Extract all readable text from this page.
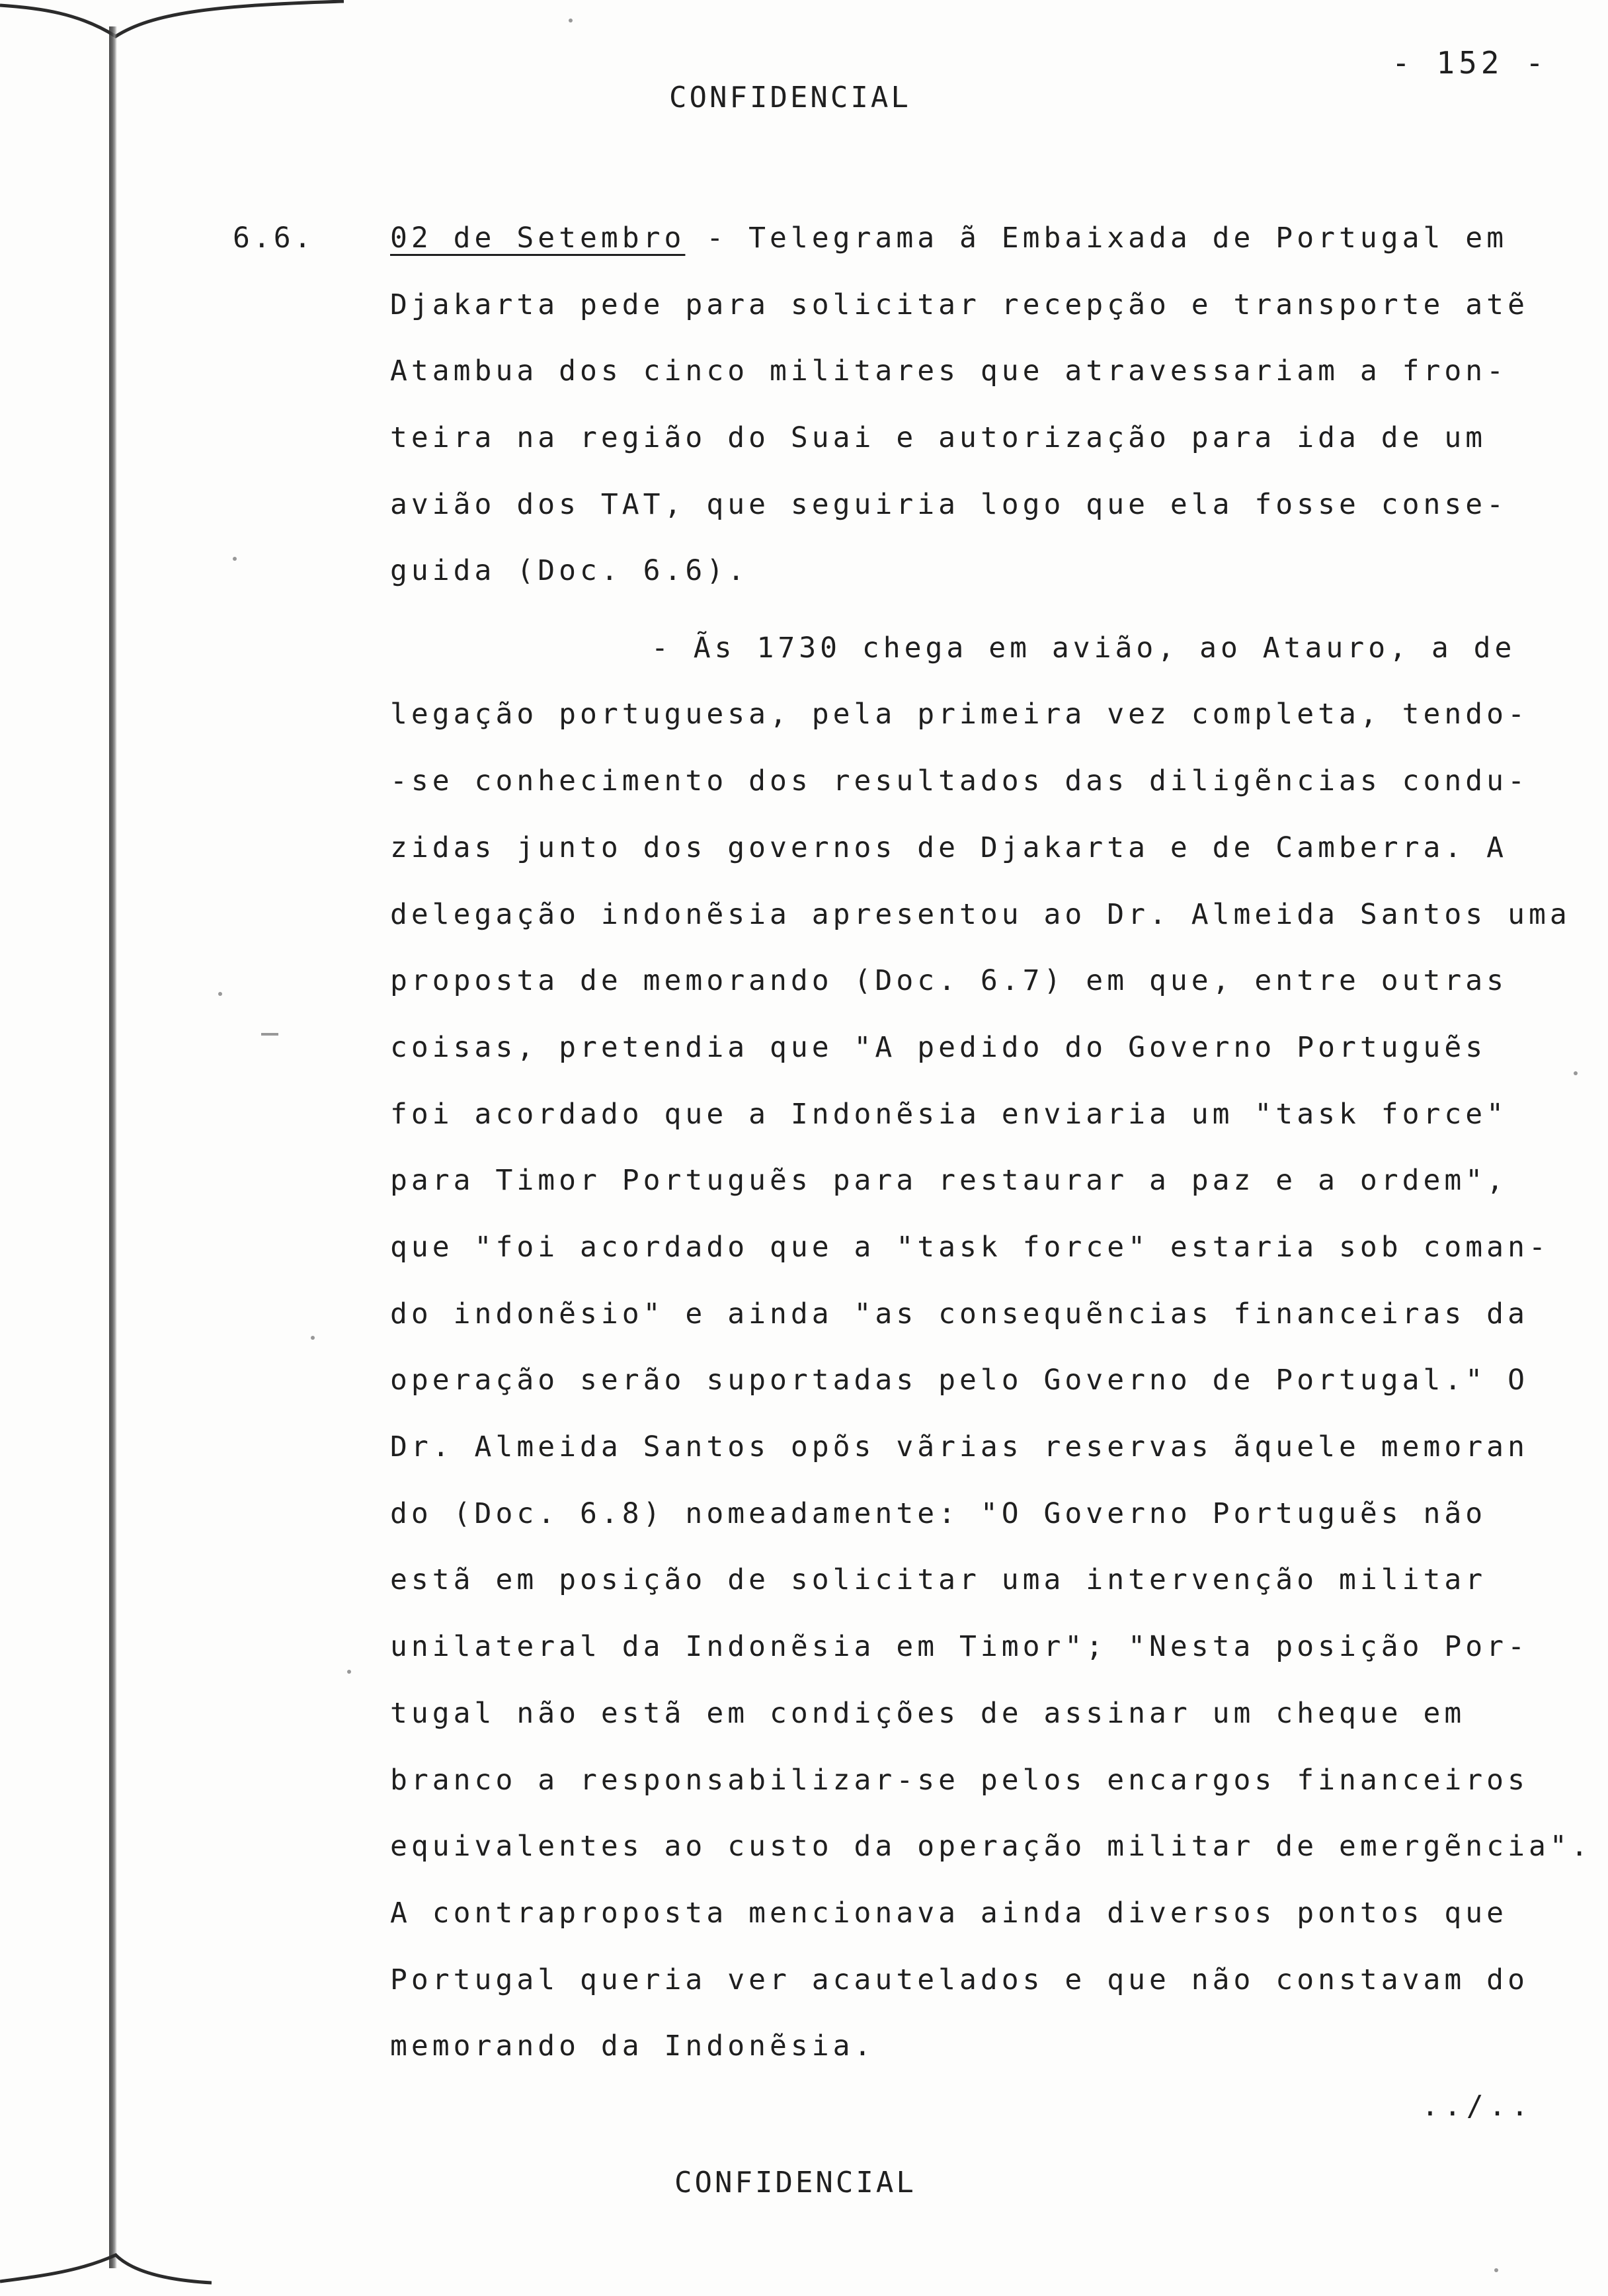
- 152 -
CONFIDENCIAL
6.6.	02 de Setembro - Telegrama ã Embaixada de Portugal em
Djakarta pede para solicitar recepção e transporte atẽ
Atambua dos cinco militares que atravessariam a fron-
teira na região do Suai e autorização para ida de um
avião dos TAT, que seguiria logo que ela fosse conse-
guida (Doc. 6.6).
- Ãs 1730 chega em avião, ao Atauro, a de
legação portuguesa, pela primeira vez completa, tendo-
-se conhecimento dos resultados das diligẽncias condu-
zidas junto dos governos de Djakarta e de Camberra. A
delegação indonẽsia apresentou ao Dr. Almeida Santos uma
proposta de memorando (Doc. 6.7) em que, entre outras
coisas, pretendia que "A pedido do Governo Portuguẽs
foi acordado que a Indonẽsia enviaria um "task force"
para Timor Portuguẽs para restaurar a paz e a ordem",
que "foi acordado que a "task force" estaria sob coman-
do indonẽsio" e ainda "as consequẽncias financeiras da
operação serão suportadas pelo Governo de Portugal." O
Dr. Almeida Santos opõs vãrias reservas ãquele memoran
do (Doc. 6.8) nomeadamente: "O Governo Portuguẽs não
estã em posição de solicitar uma intervenção militar
unilateral da Indonẽsia em Timor"; "Nesta posição Por-
tugal não estã em condições de assinar um cheque em
branco a responsabilizar-se pelos encargos financeiros
equivalentes ao custo da operação militar de emergẽncia".
A contraproposta mencionava ainda diversos pontos que
Portugal queria ver acautelados e que não constavam do
memorando da Indonẽsia.
../..
CONFIDENCIAL
